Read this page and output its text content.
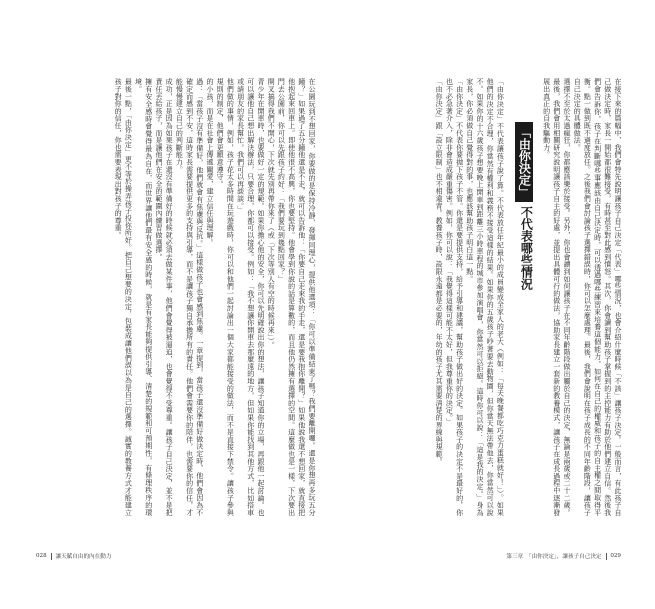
在接下來的篇幅中，我們會特先說明讓孩子自己決定「代表」哪些情況，也會介紹什麼時候「不該」讓孩子決定。一般而言，有此孩子自己做決定時，家長一開始都很難接受，有時甚至對此感到憤怒。其次，你會讀到幫助孩子掌握到的主控能力有助於他們建立自信。然後我們會告訴你，孩子在判斷哪些事應該由自己決定時，可以透過哪些練習來培養這個能力，如何在自己的權威和孩子的自主權之間取得平衡。點一做到既不過度放任。之後我們會討論孩子選擇錯誤時，你可以怎麼處理。最後，我們會說明在孩子成長的不同年齡階段，讓孩子自己決定的具體做法。

選擇不至於太過瘋狂，你都應該樂於接受。另外，你也會讀到如何讓孩子在不同年齡階段做出屬於自己的決定，無論是兩歲或二十二歲。最後，我們會用相關研究說明讓孩子自主的好處，並提出具體可行的做法，協助家長建立一套新的教養模式，讓孩子在成長過程中逐漸發展出真正的自我驅動力。

「由你決定」
不代表哪些情況

「由你決定」不代表讓孩子說了算。不代表放任年紀最小的成員變成全家人的老大（例如：「每天晚餐都吃巧克力蛋糕就好！」）。如果他們的決定不合理，你當然有權利和義務不接受這樣的結果。如果你的五歲孩子吵著要去動物園，但你當天無法帶他去，你當然可以說不。如果你的十六歲孩子想要晚上開車到距離三小時車程的城市參加演唱會，你當然可以拒絕。這時你可以說：「這是我的決定。」身為家長，你必須做自己覺得對的事，也應該幫助孩子明白這一點。

「由你決定」不代表你要拋下孩子不管。你還是要提供支持，給予引導和建議，幫助孩子做出好的決定。如果孩子的決定不是最好的，你也不必急著介入，除非會造成嚴重傷害。例如，你可以說：「我覺得這樣可能不太好，但我尊重你的決定。」

「由你決定」跟「設立限制」也不相違背。教養孩子時，設限永遠都是必要的，年幼的孩子尤其需要清楚的界線與規範。

在公園玩到不想回家，你要做的是保持冷靜，發揮同理心，提供他選項：「你可以準備結束了嗎？我們要離開囉。還是你想再多玩五分鐘？」如果過了五分鐘他還是不走，就可以告訴他：「你要自己走來我的手走，還是要我抱你離開？」如果他說我還不想回家，就直接把他抱起來回車上。即使他很不高興，你也要堅持。他會學到你說的話是算數的，而且他仍然擁有選擇的空間。這麼做也是一樣，下次要出門去公園前，你可以先跟孩子約好：「我們要玩到幾點回家？」

開叉搞得我們不開心，下次就先別再帶你來了（或「下次等別人有空的時候再來」）。

青少年在開車時，也要做好一定的規範。如果你擔心他的安全，你可以先明確說出你的想法，讓孩子知道你的立場，再跟他一起討論。也可以讓他自己想出解決辦法，只要合理，你都可以接受。例如：「我不想讓你開車去那麼遠的地方，但如果你能找到其他方式，比如搭車或請朋友的家長幫忙，我們可以再談談。」

他們做的事情，例如，孩子花太多時間在玩遊戲時，你可以和他們一起討論出一個大家都能接受的做法，而不是直接下禁令。讓孩子參與規則的制定，他們會更願意遵守。

的小孩，而是在社會上傳遞關愛，建立信任與理解。

過：「當孩子沒有準備好，他們就會有焦慮與反抗。」這樣做孩子也會感到焦慮。一章提到，當孩子還沒準備好做決定時，他們會因為不確定而感到不安，這時家長需要提供更多的支持與引導，而不是讓孩子獨自承擔所有的責任。他們會需要你的陪伴，也需要你的信任，才能慢慢建立自己的判斷能力。

成功，正是因為如果孩子在還沒有準備好的時候就必須去做某件事，他們會覺得被逼迫，也會覺得不受尊重。讓孩子自己決定，並不是把責任丟給孩子，而是讓他們在安全的範圍內練習做選擇。

擁有安全感時會覺得最為自在，而世界讓他們最有安全感的時候，就是有家長能夠提供引導、清楚的規範和可預期性，有條理秩序的環境。

最後一點，「由你決定」更不等於操弄孩子投你所好。把自己想要的決定，包裝成讓他們誤以為是自己的選擇。誠實的教養方式才能建立孩子對你的信任，你也需要表現出對孩子的尊重。

028 讓天賦自由的內在動力	第三章　「由你決定」，讓孩子自己決定 029
